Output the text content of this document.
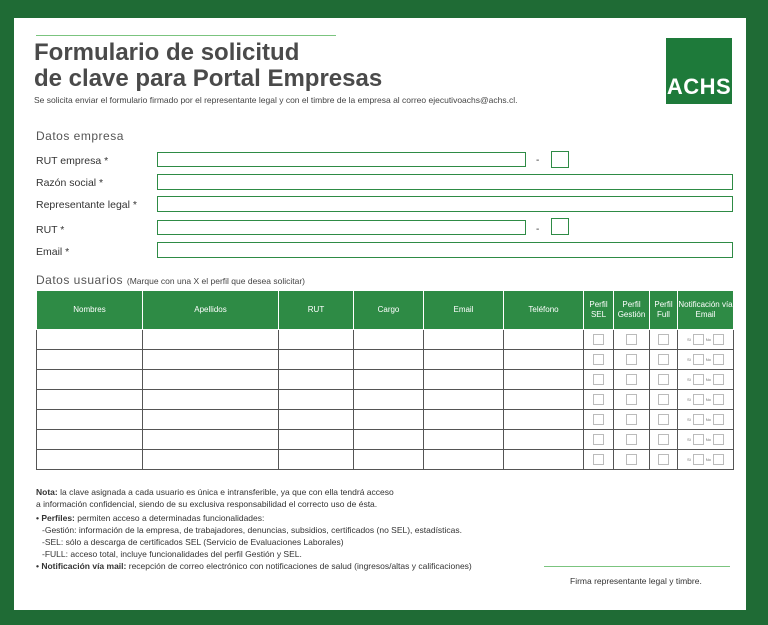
Formulario de solicitud
de clave para Portal Empresas
Se solicita enviar el formulario firmado por el representante legal y con el timbre de la empresa al correo ejecutivoachs@achs.cl.
ACHS
Datos empresa
RUT empresa *	-
Razón social *
Representante legal *
RUT *	-
Email *
Datos usuarios (Marque con una X el perfil que desea solicitar)
Nombres	Apellidos	RUT	Cargo	Email	Teléfono	Perfil SEL	Perfil Gestión	Perfil Full	Notificación vía Email

									Si No

									Si No

									Si No

									Si No

									Si No

									Si No

									Si No
Nota: la clave asignada a cada usuario es única e intransferible, ya que con ella tendrá acceso
a información confidencial, siendo de su exclusiva responsabilidad el correcto uso de ésta.
• Perfiles: permiten acceso a determinadas funcionalidades:
-Gestión: información de la empresa, de trabajadores, denuncias, subsidios, certificados (no SEL), estadísticas.
-SEL: sólo a descarga de certificados SEL (Servicio de Evaluaciones Laborales)
-FULL: acceso total, incluye funcionalidades del perfil Gestión y SEL.
• Notificación vía mail: recepción de correo electrónico con notificaciones de salud (ingresos/altas y calificaciones)
Firma representante legal y timbre.
